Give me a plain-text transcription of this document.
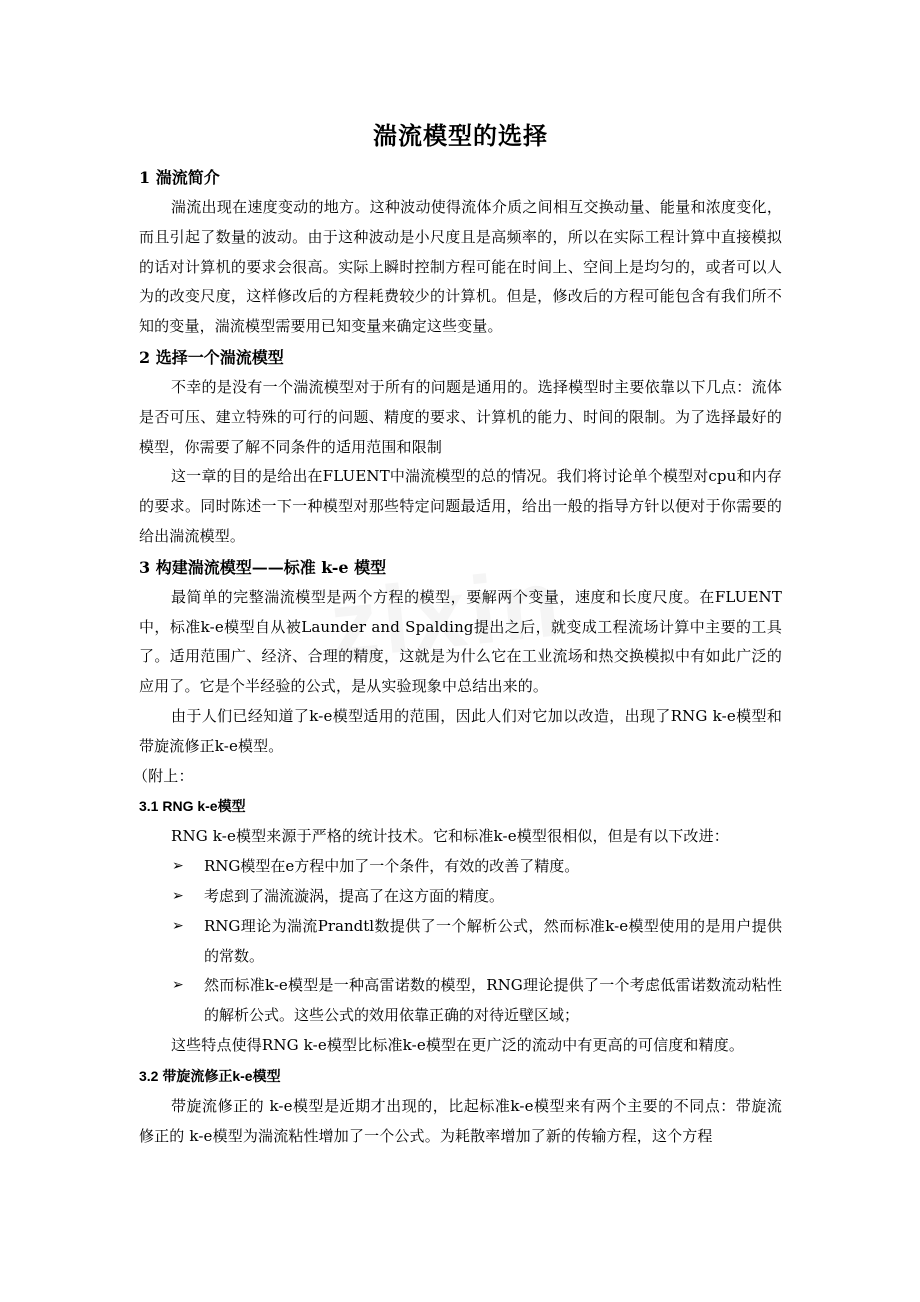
湍流模型的选择
1 湍流简介

湍流出现在速度变动的地方。这种波动使得流体介质之间相互交换动量、能量和浓度变化，而且引起了数量的波动。由于这种波动是小尺度且是高频率的，所以在实际工程计算中直接模拟的话对计算机的要求会很高。实际上瞬时控制方程可能在时间上、空间上是均匀的，或者可以人为的改变尺度，这样修改后的方程耗费较少的计算机。但是，修改后的方程可能包含有我们所不知的变量，湍流模型需要用已知变量来确定这些变量。

2 选择一个湍流模型

不幸的是没有一个湍流模型对于所有的问题是通用的。选择模型时主要依靠以下几点：流体是否可压、建立特殊的可行的问题、精度的要求、计算机的能力、时间的限制。为了选择最好的模型，你需要了解不同条件的适用范围和限制

这一章的目的是给出在FLUENT中湍流模型的总的情况。我们将讨论单个模型对cpu和内存的要求。同时陈述一下一种模型对那些特定问题最适用，给出一般的指导方针以便对于你需要的给出湍流模型。

3 构建湍流模型——标准 k-e 模型

最简单的完整湍流模型是两个方程的模型，要解两个变量，速度和长度尺度。在FLUENT中，标准k-e模型自从被Launder and Spalding提出之后，就变成工程流场计算中主要的工具了。适用范围广、经济、合理的精度，这就是为什么它在工业流场和热交换模拟中有如此广泛的应用了。它是个半经验的公式，是从实验现象中总结出来的。

由于人们已经知道了k-e模型适用的范围，因此人们对它加以改造，出现了RNG k-e模型和带旋流修正k-e模型。

（附上：

3.1 RNG k-e模型

RNG k-e模型来源于严格的统计技术。它和标准k-e模型很相似，但是有以下改进：

➢ RNG模型在e方程中加了一个条件，有效的改善了精度。
➢ 考虑到了湍流漩涡，提高了在这方面的精度。
➢ RNG理论为湍流Prandtl数提供了一个解析公式，然而标准k-e模型使用的是用户提供的常数。
➢ 然而标准k-e模型是一种高雷诺数的模型，RNG理论提供了一个考虑低雷诺数流动粘性的解析公式。这些公式的效用依靠正确的对待近壁区域；

这些特点使得RNG k-e模型比标准k-e模型在更广泛的流动中有更高的可信度和精度。

3.2 带旋流修正k-e模型

带旋流修正的 k-e模型是近期才出现的，比起标准k-e模型来有两个主要的不同点：带旋流修正的 k-e模型为湍流粘性增加了一个公式。为耗散率增加了新的传输方程，这个方程
